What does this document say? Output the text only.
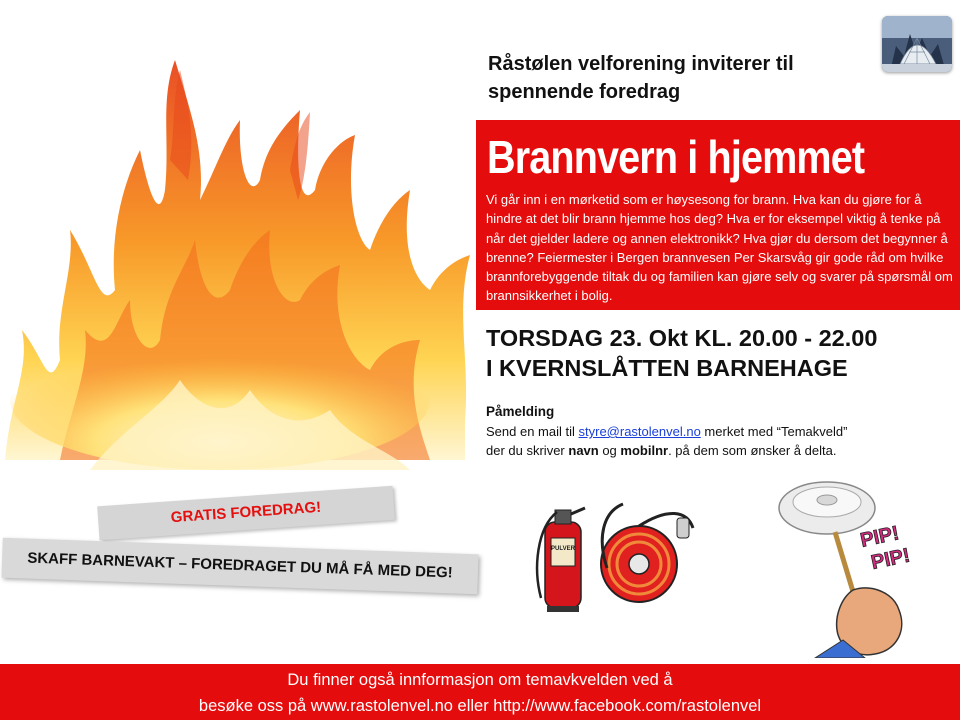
Råstølen velforening inviterer til
spennende foredrag
Brannvern i hjemmet
Vi går inn i en mørketid som er høysesong for brann. Hva kan du gjøre for å hindre at det blir brann hjemme hos deg? Hva er for eksempel viktig å tenke på når det gjelder ladere og annen elektronikk? Hva gjør du dersom det begynner å brenne? Feiermester i Bergen brannvesen Per Skarsvåg gir gode råd om hvilke brannforebyggende tiltak du og familien kan gjøre selv og svarer på spørsmål om brannsikkerhet i bolig.
TORSDAG 23. Okt KL. 20.00 - 22.00
I KVERNSLÅTTEN BARNEHAGE
Påmelding
Send en mail til styre@rastolenvel.no merket med “Temakveld”
der du skriver navn og mobilnr. på dem som ønsker å delta.
GRATIS FOREDRAG!
SKAFF BARNEVAKT – FOREDRAGET DU MÅ FÅ MED DEG!
PULVER	PIP!
PIP!
Du finner også innformasjon om temavkvelden ved å
besøke oss på www.rastolenvel.no eller http://www.facebook.com/rastolenvel
